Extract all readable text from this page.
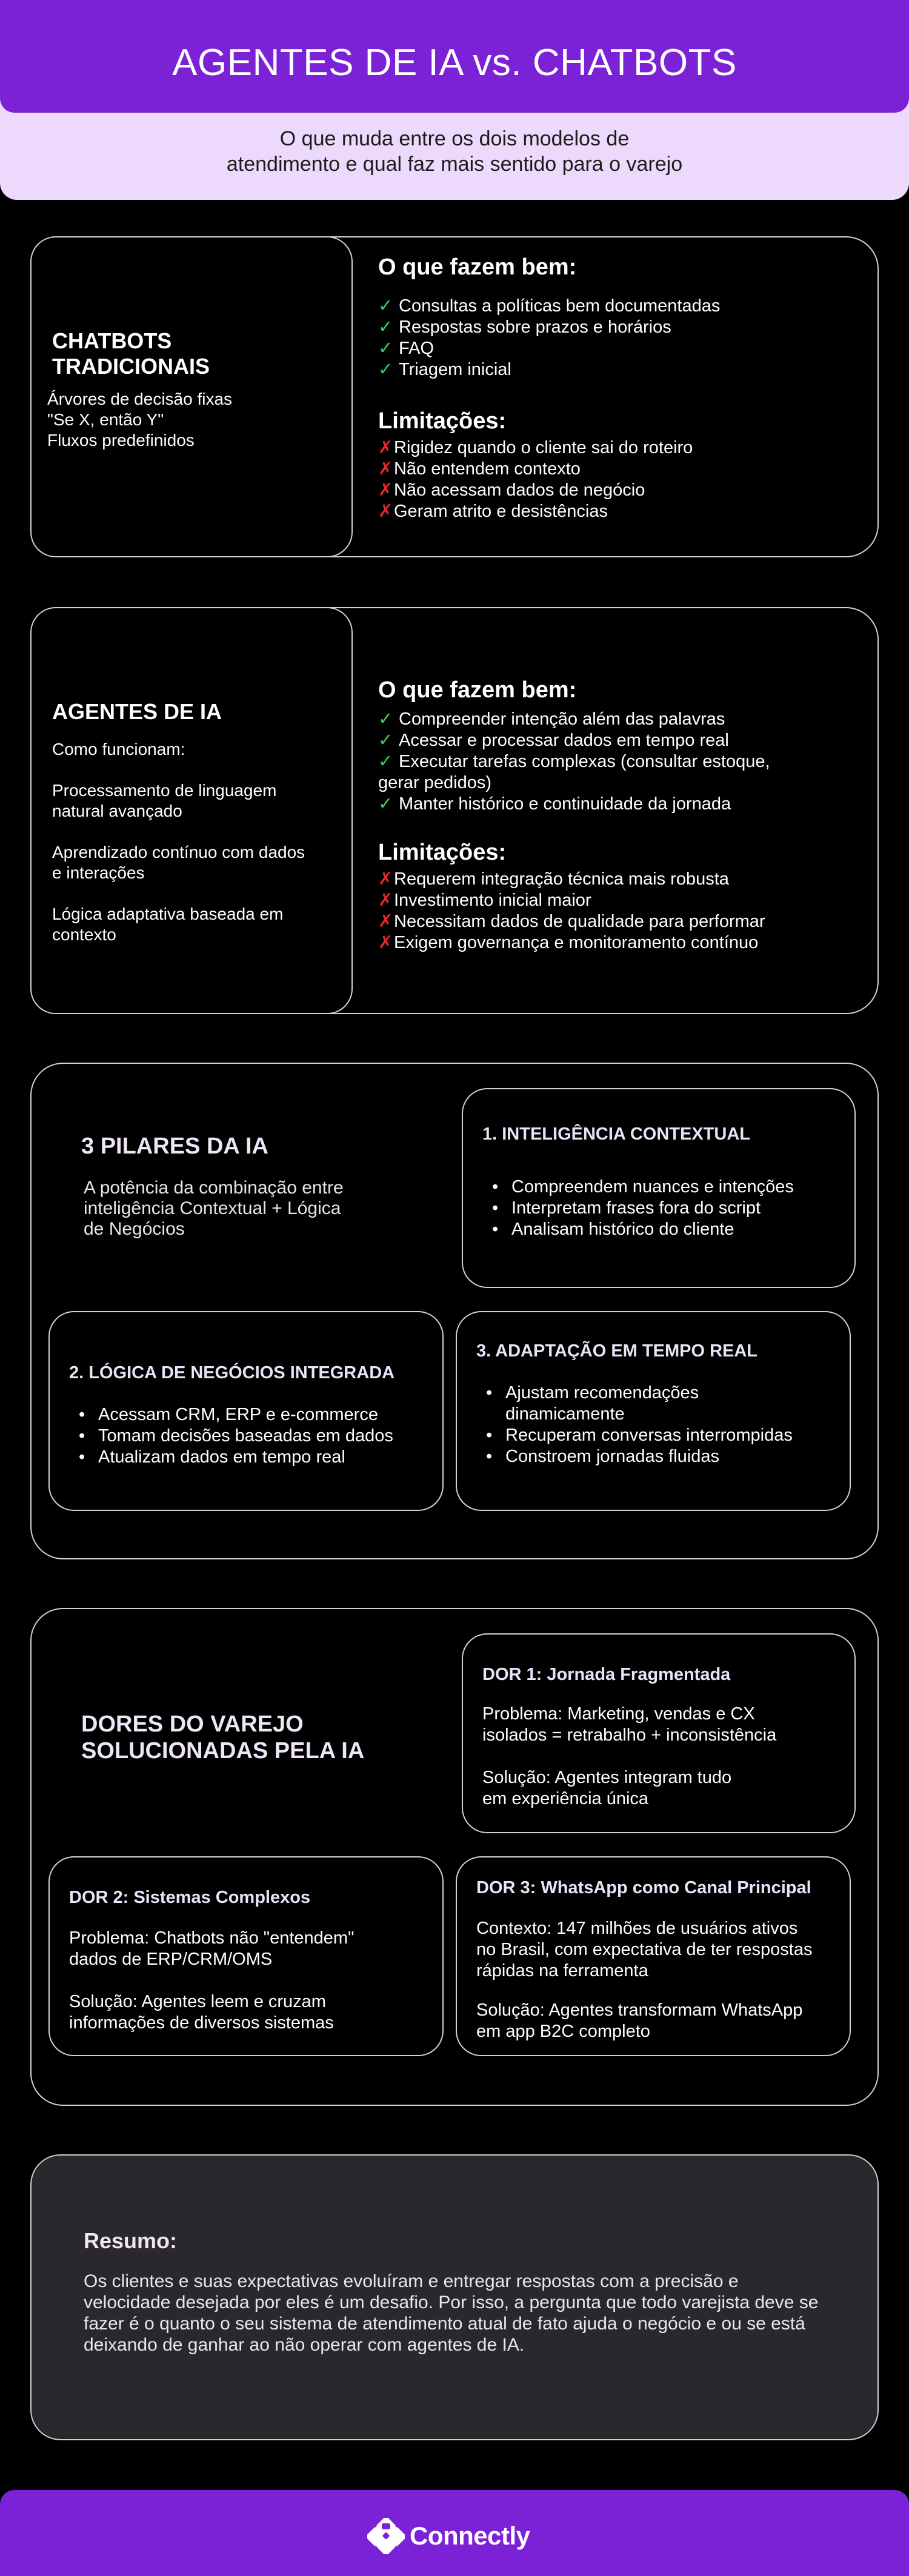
AGENTES DE IA vs. CHATBOTS

O que muda entre os dois modelos de
atendimento e qual faz mais sentido para o varejo

CHATBOTS
TRADICIONAIS
Árvores de decisão fixas
"Se X, então Y"
Fluxos predefinidos
O que fazem bem:
✓ Consultas a políticas bem documentadas
✓ Respostas sobre prazos e horários
✓ FAQ
✓ Triagem inicial
Limitações:
✗ Rigidez quando o cliente sai do roteiro
✗ Não entendem contexto
✗ Não acessam dados de negócio
✗ Geram atrito e desistências
AGENTES DE IA
Como funcionam:
Processamento de linguagem
natural avançado
Aprendizado contínuo com dados
e interações
Lógica adaptativa baseada em
contexto
O que fazem bem:
✓ Compreender intenção além das palavras
✓ Acessar e processar dados em tempo real
✓ Executar tarefas complexas (consultar estoque,
gerar pedidos)
✓ Manter histórico e continuidade da jornada
Limitações:
✗ Requerem integração técnica mais robusta
✗ Investimento inicial maior
✗ Necessitam dados de qualidade para performar
✗ Exigem governança e monitoramento contínuo
3 PILARES DA IA
A potência da combinação entre
inteligência Contextual + Lógica
de Negócios
1. INTELIGÊNCIA CONTEXTUAL
• Compreendem nuances e intenções
• Interpretam frases fora do script
• Analisam histórico do cliente
2. LÓGICA DE NEGÓCIOS INTEGRADA
• Acessam CRM, ERP e e-commerce
• Tomam decisões baseadas em dados
• Atualizam dados em tempo real
3. ADAPTAÇÃO EM TEMPO REAL
• Ajustam recomendações
dinamicamente
• Recuperam conversas interrompidas
• Constroem jornadas fluidas
DORES DO VAREJO
SOLUCIONADAS PELA IA
DOR 1: Jornada Fragmentada
Problema: Marketing, vendas e CX
isolados = retrabalho + inconsistência
Solução: Agentes integram tudo
em experiência única
DOR 2: Sistemas Complexos
Problema: Chatbots não "entendem"
dados de ERP/CRM/OMS
Solução: Agentes leem e cruzam
informações de diversos sistemas
DOR 3: WhatsApp como Canal Principal
Contexto: 147 milhões de usuários ativos
no Brasil, com expectativa de ter respostas
rápidas na ferramenta
Solução: Agentes transformam WhatsApp
em app B2C completo
Resumo:
Os clientes e suas expectativas evoluíram e entregar respostas com a precisão e
velocidade desejada por eles é um desafio. Por isso, a pergunta que todo varejista deve se
fazer é o quanto o seu sistema de atendimento atual de fato ajuda o negócio e ou se está
deixando de ganhar ao não operar com agentes de IA.
Connectly
